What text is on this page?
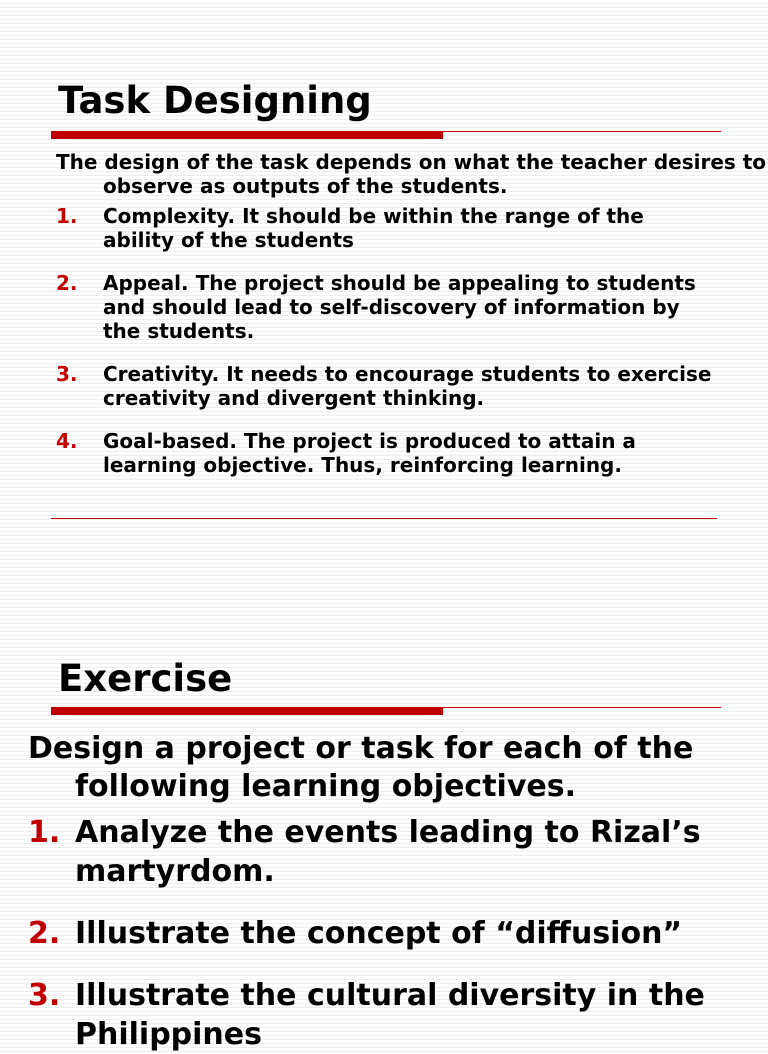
Task Designing

The design of the task depends on what the teacher desires to observe as outputs of the students.

1. Complexity. It should be within the range of the ability of the students
2. Appeal. The project should be appealing to students and should lead to self-discovery of information by the students.
3. Creativity. It needs to encourage students to exercise creativity and divergent thinking.
4. Goal-based. The project is produced to attain a learning objective. Thus, reinforcing learning.
Exercise

Design a project or task for each of the following learning objectives.

1. Analyze the events leading to Rizal’s martyrdom.
2. Illustrate the concept of “diffusion”
3. Illustrate the cultural diversity in the Philippines
